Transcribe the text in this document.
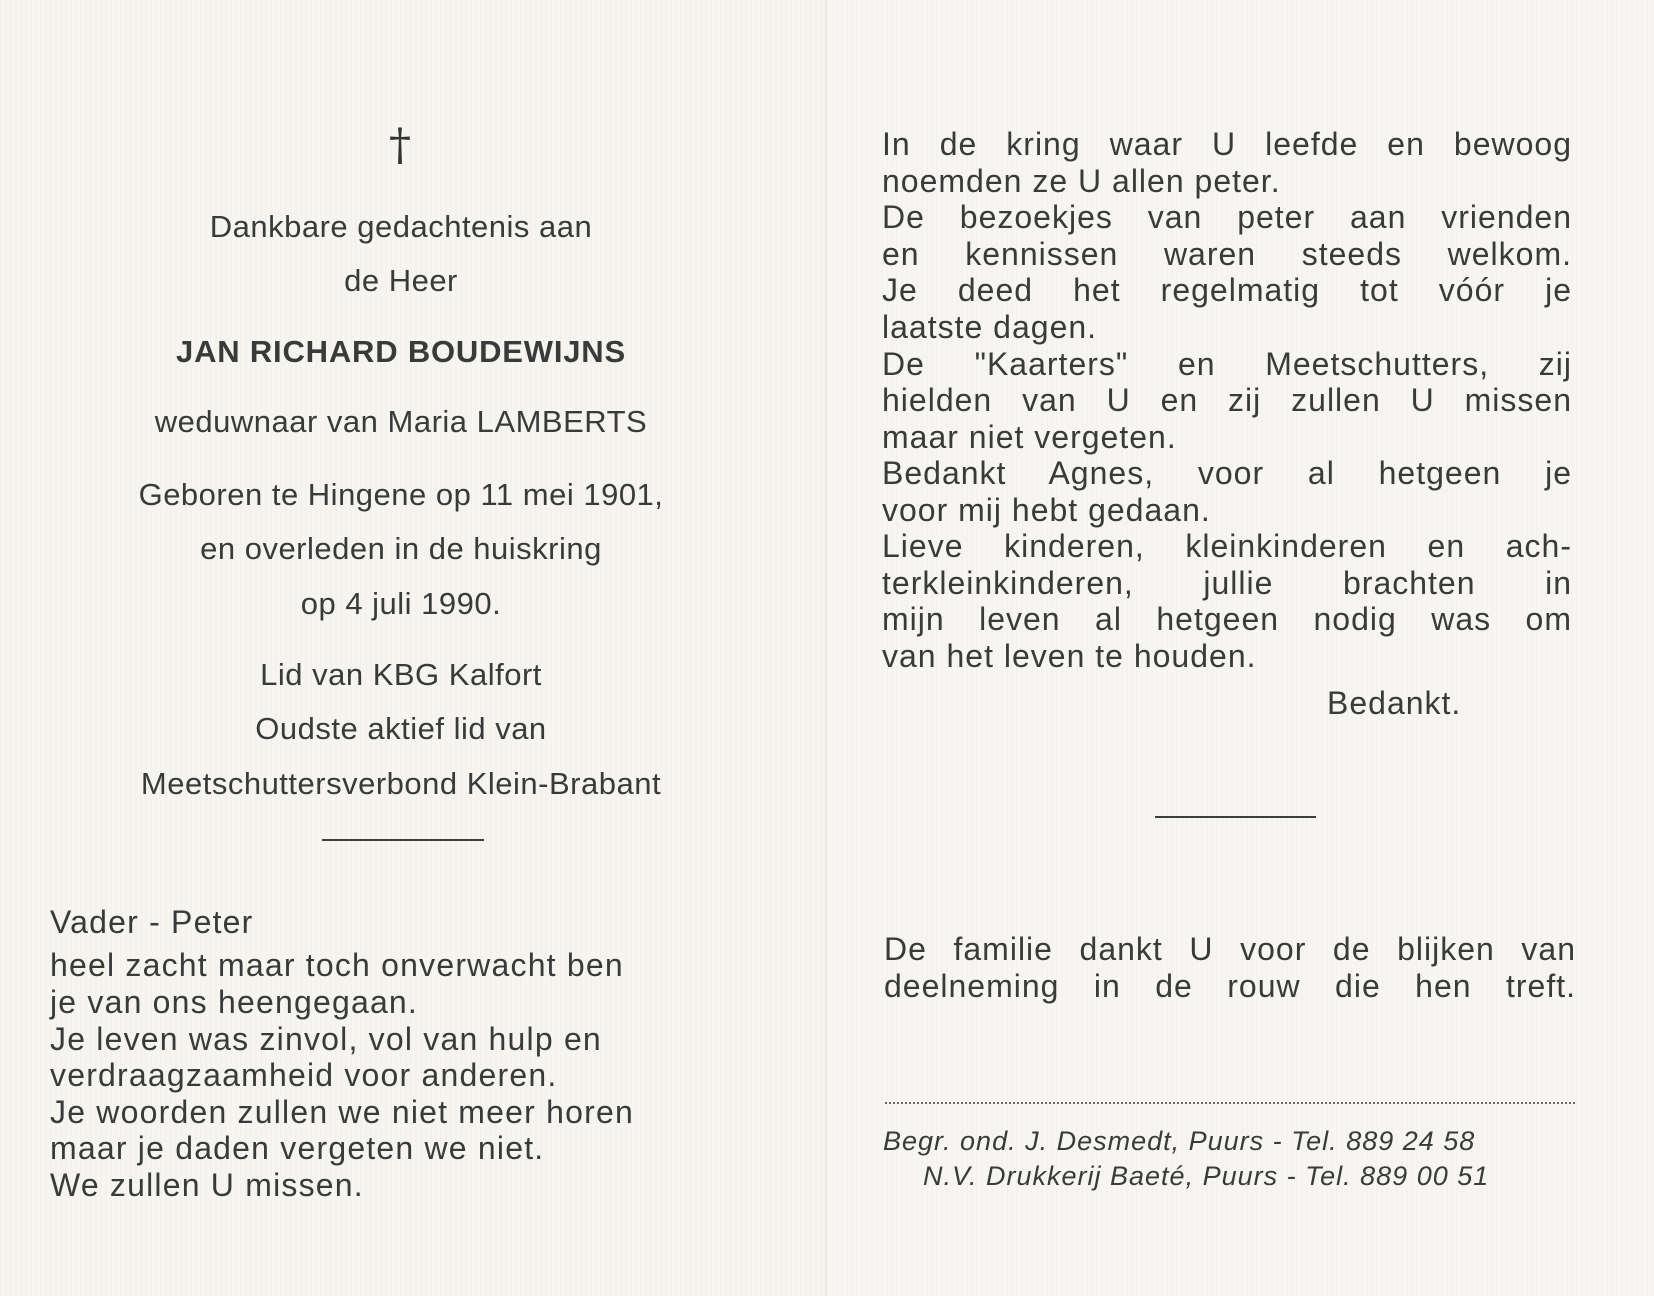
†
Dankbare gedachtenis aan
de Heer
JAN RICHARD BOUDEWIJNS
weduwnaar van Maria LAMBERTS
Geboren te Hingene op 11 mei 1901,
en overleden in de huiskring
op 4 juli 1990.
Lid van KBG Kalfort
Oudste aktief lid van
Meetschuttersverbond Klein-Brabant
Vader - Peter
heel zacht maar toch onverwacht ben
je van ons heengegaan.
Je leven was zinvol, vol van hulp en
verdraagzaamheid voor anderen.
Je woorden zullen we niet meer horen
maar je daden vergeten we niet.
We zullen U missen.
In de kring waar U leefde en bewoog
noemden ze U allen peter.
De bezoekjes van peter aan vrienden
en kennissen waren steeds welkom.
Je deed het regelmatig tot vóór je
laatste dagen.
De "Kaarters" en Meetschutters, zij
hielden van U en zij zullen U missen
maar niet vergeten.
Bedankt Agnes, voor al hetgeen je
voor mij hebt gedaan.
Lieve kinderen, kleinkinderen en ach-
terkleinkinderen, jullie brachten in
mijn leven al hetgeen nodig was om
van het leven te houden.
Bedankt.
De familie dankt U voor de blijken van
deelneming in de rouw die hen treft.
Begr. ond. J. Desmedt, Puurs - Tel. 889 24 58
N.V. Drukkerij Baeté, Puurs - Tel. 889 00 51
